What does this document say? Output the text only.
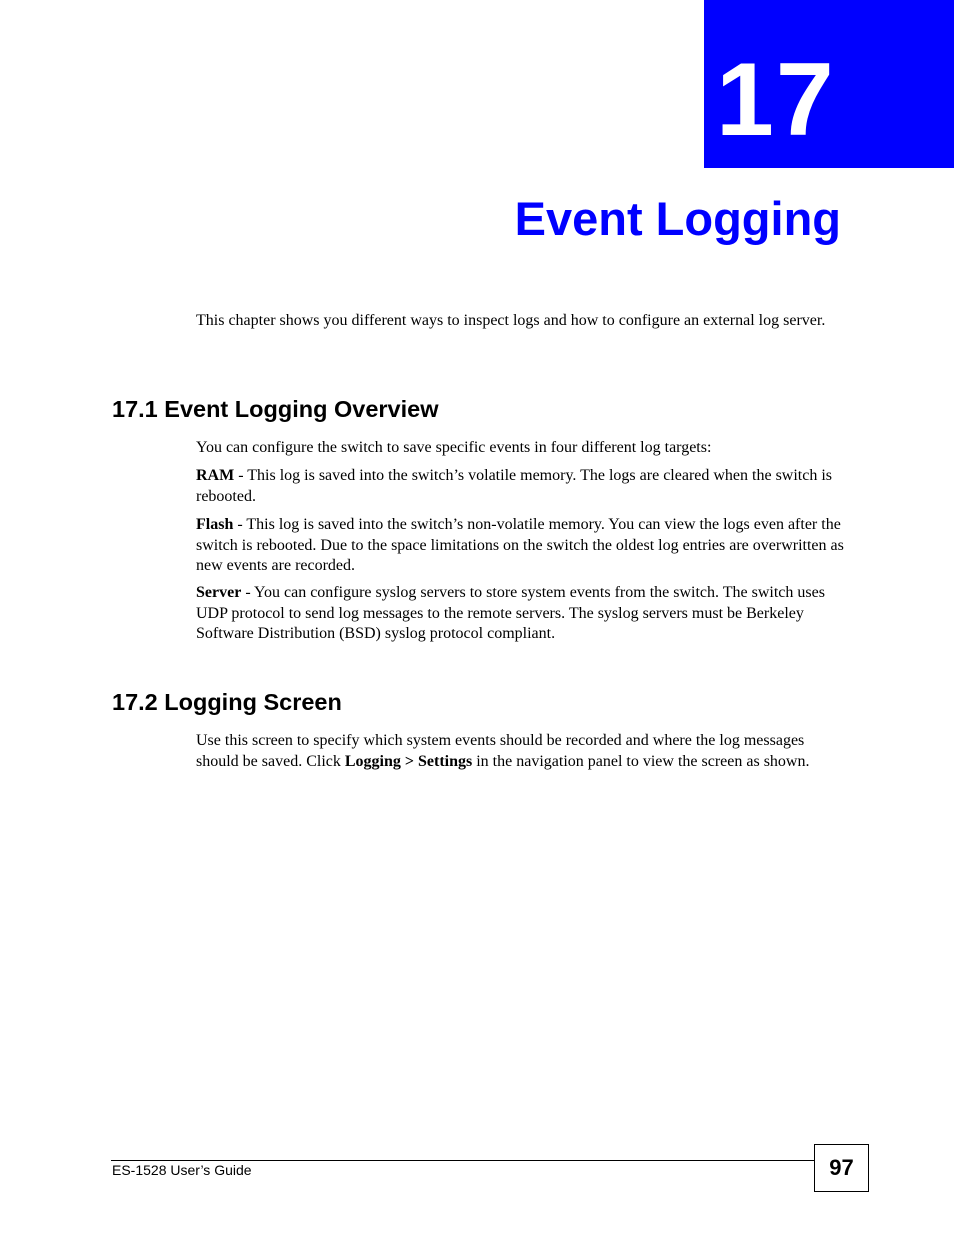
17
Event Logging

This chapter shows you different ways to inspect logs and how to configure an external log server.

17.1 Event Logging Overview

You can configure the switch to save specific events in four different log targets:

RAM - This log is saved into the switch’s volatile memory. The logs are cleared when the switch is rebooted.

Flash - This log is saved into the switch’s non-volatile memory. You can view the logs even after the switch is rebooted. Due to the space limitations on the switch the oldest log entries are overwritten as new events are recorded.

Server - You can configure syslog servers to store system events from the switch. The switch uses UDP protocol to send log messages to the remote servers. The syslog servers must be Berkeley Software Distribution (BSD) syslog protocol compliant.

17.2 Logging Screen

Use this screen to specify which system events should be recorded and where the log messages should be saved. Click Logging > Settings in the navigation panel to view the screen as shown.

ES-1528 User’s Guide	97
